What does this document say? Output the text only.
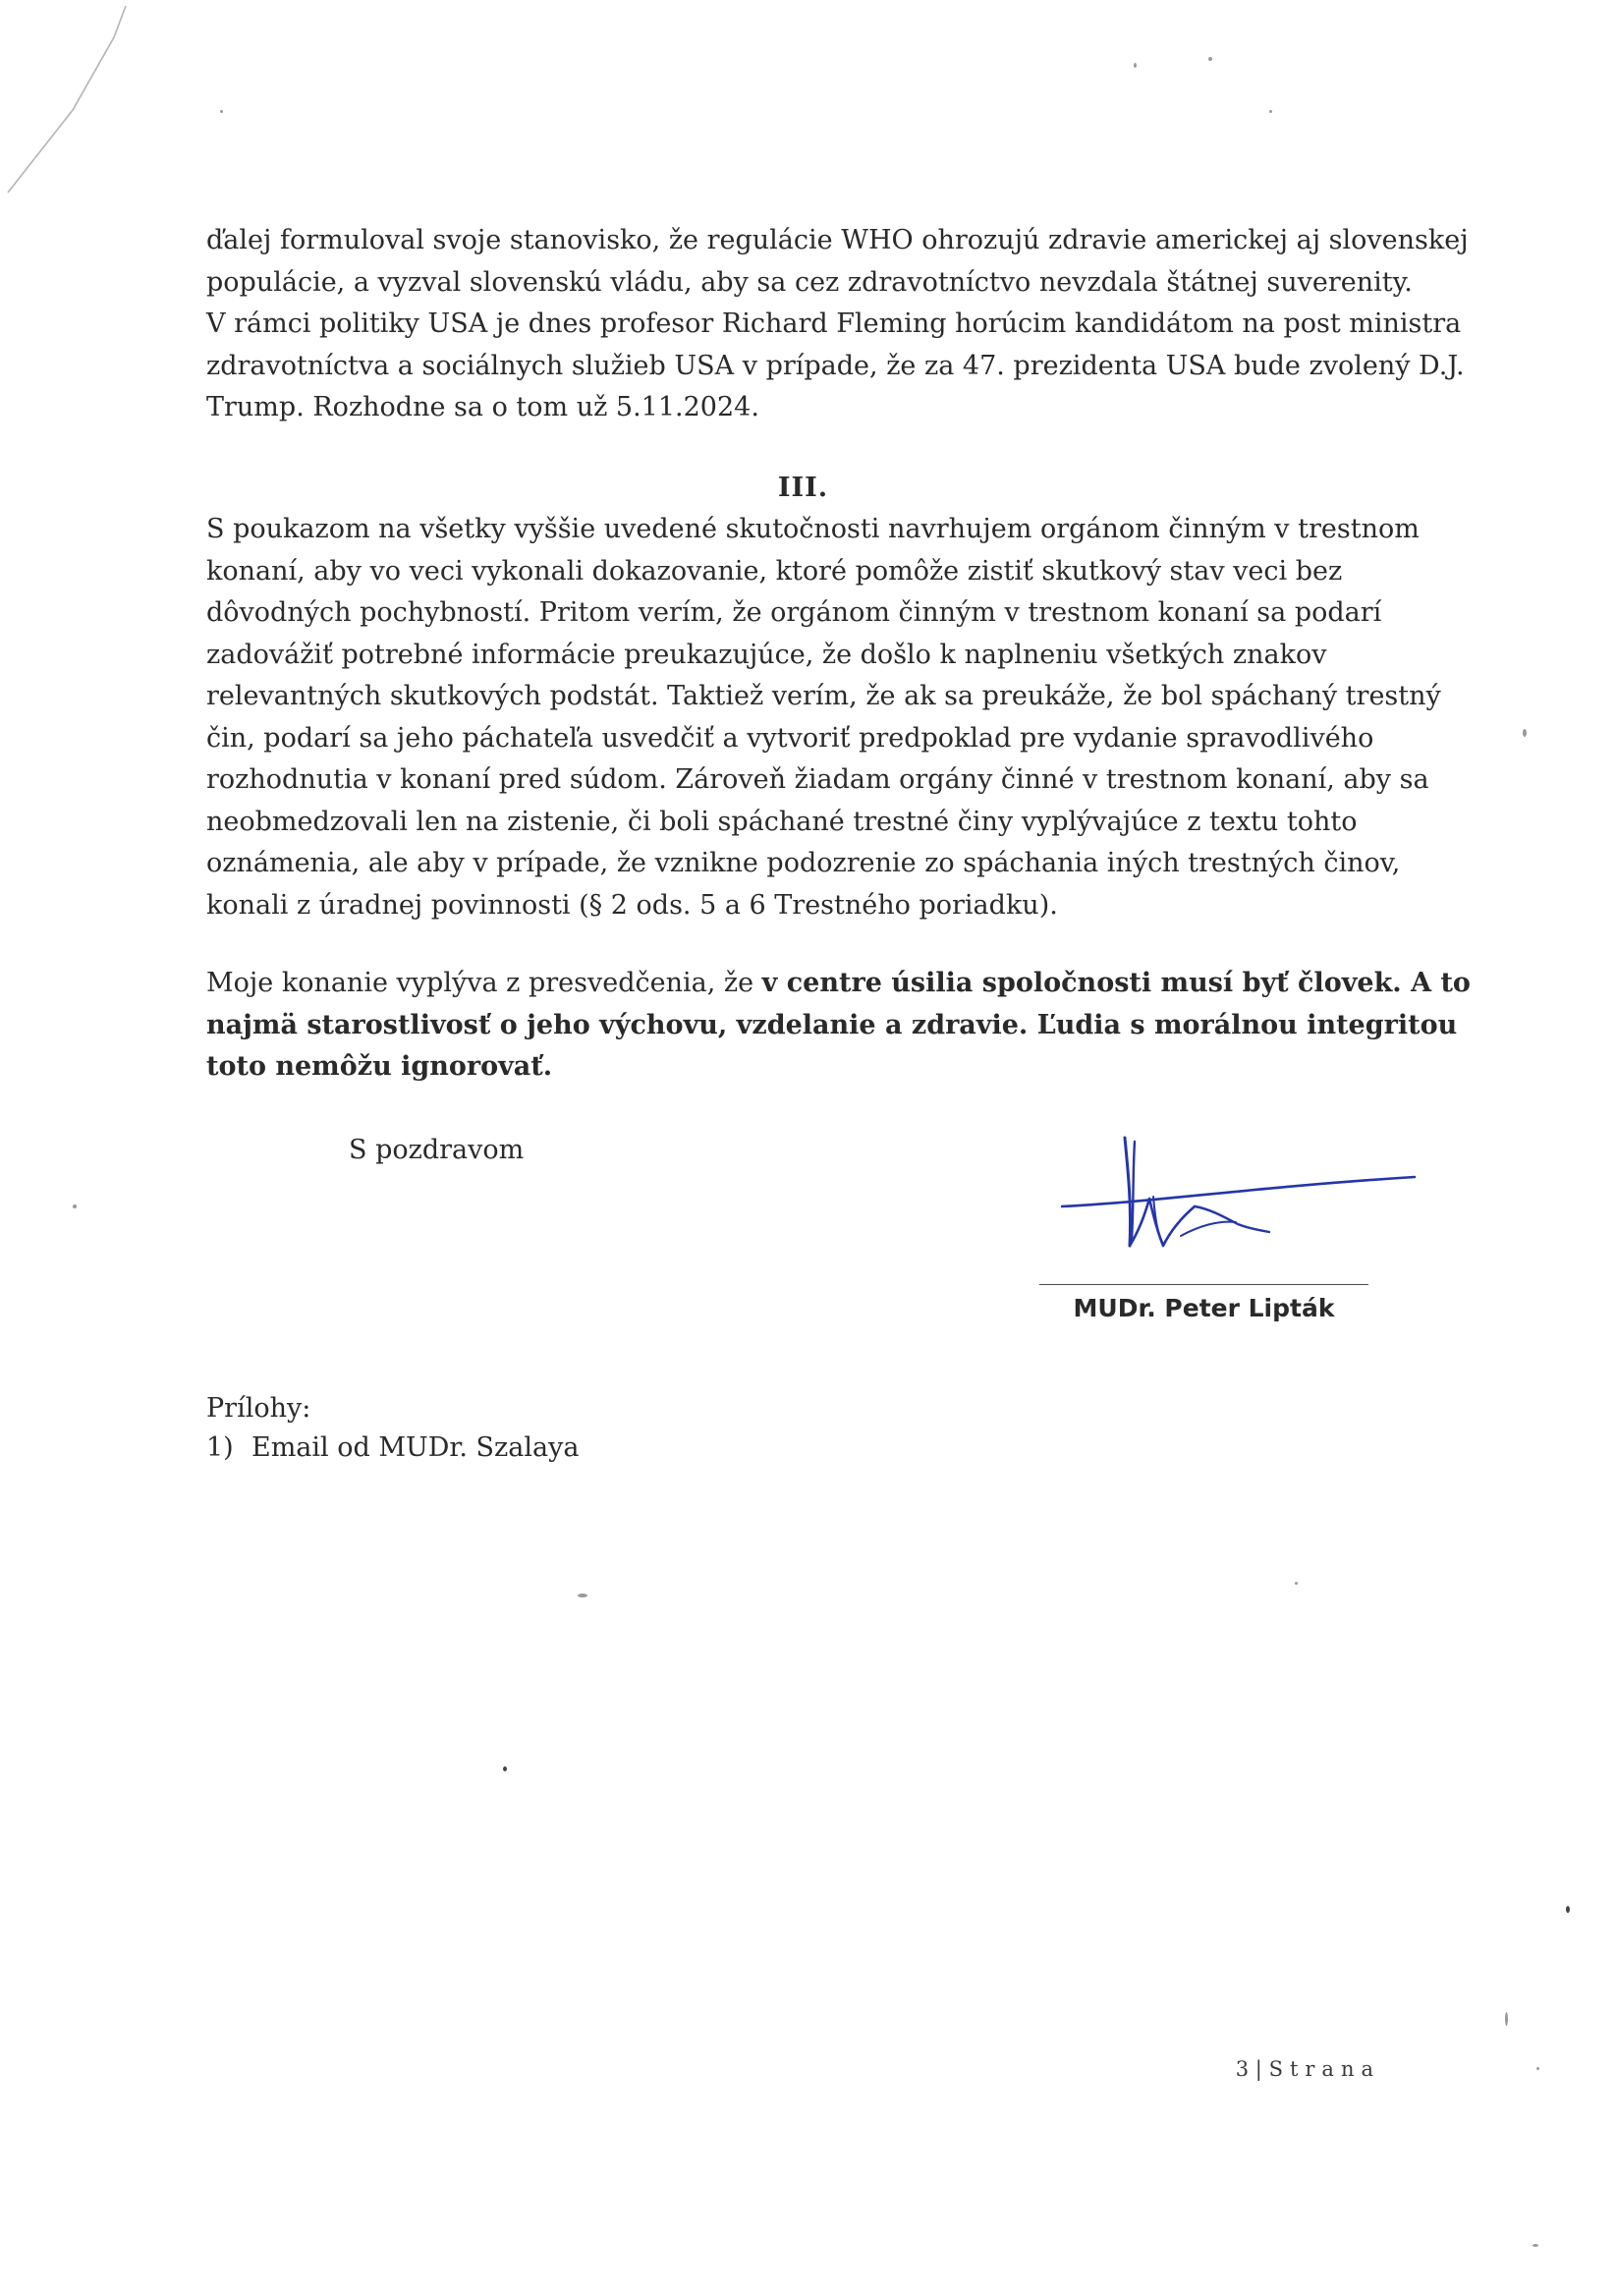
ďalej formuloval svoje stanovisko, že regulácie WHO ohrozujú zdravie americkej aj slovenskej
populácie, a vyzval slovenskú vládu, aby sa cez zdravotníctvo nevzdala štátnej suverenity.
V rámci politiky USA je dnes profesor Richard Fleming horúcim kandidátom na post ministra
zdravotníctva a sociálnych služieb USA v prípade, že za 47. prezidenta USA bude zvolený D.J.
Trump. Rozhodne sa o tom už 5.11.2024.
III.
S poukazom na všetky vyššie uvedené skutočnosti navrhujem orgánom činným v trestnom
konaní, aby vo veci vykonali dokazovanie, ktoré pomôže zistiť skutkový stav veci bez
dôvodných pochybností. Pritom verím, že orgánom činným v trestnom konaní sa podarí
zadovážiť potrebné informácie preukazujúce, že došlo k naplneniu všetkých znakov
relevantných skutkových podstát. Taktiež verím, že ak sa preukáže, že bol spáchaný trestný
čin, podarí sa jeho páchateľa usvedčiť a vytvoriť predpoklad pre vydanie spravodlivého
rozhodnutia v konaní pred súdom. Zároveň žiadam orgány činné v trestnom konaní, aby sa
neobmedzovali len na zistenie, či boli spáchané trestné činy vyplývajúce z textu tohto
oznámenia, ale aby v prípade, že vznikne podozrenie zo spáchania iných trestných činov,
konali z úradnej povinnosti (§ 2 ods. 5 a 6 Trestného poriadku).
Moje konanie vyplýva z presvedčenia, že v centre úsilia spoločnosti musí byť človek. A to
najmä starostlivosť o jeho výchovu, vzdelanie a zdravie. Ľudia s morálnou integritou
toto nemôžu ignorovať.
S pozdravom
MUDr. Peter Lipták
Prílohy:
1) Email od MUDr. Szalaya
3 | Strana
